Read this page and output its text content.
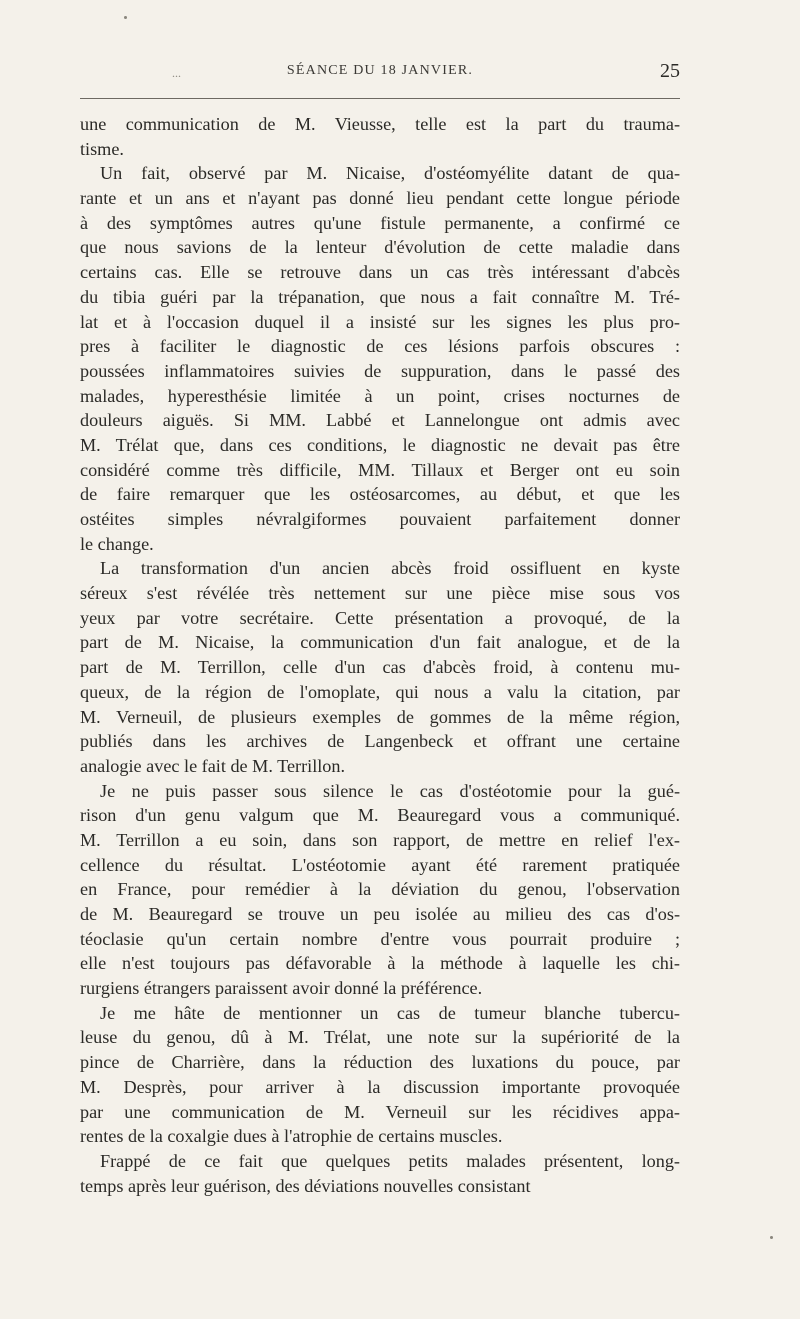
...	SÉANCE DU 18 JANVIER.	25
une communication de M. Vieusse, telle est la part du trauma-
tisme.
Un fait, observé par M. Nicaise, d'ostéomyélite datant de qua-
rante et un ans et n'ayant pas donné lieu pendant cette longue période
à des symptômes autres qu'une fistule permanente, a confirmé ce
que nous savions de la lenteur d'évolution de cette maladie dans
certains cas. Elle se retrouve dans un cas très intéressant d'abcès
du tibia guéri par la trépanation, que nous a fait connaître M. Tré-
lat et à l'occasion duquel il a insisté sur les signes les plus pro-
pres à faciliter le diagnostic de ces lésions parfois obscures :
poussées inflammatoires suivies de suppuration, dans le passé des
malades, hyperesthésie limitée à un point, crises nocturnes de
douleurs aiguës. Si MM. Labbé et Lannelongue ont admis avec
M. Trélat que, dans ces conditions, le diagnostic ne devait pas être
considéré comme très difficile, MM. Tillaux et Berger ont eu soin
de faire remarquer que les ostéosarcomes, au début, et que les
ostéites simples névralgiformes pouvaient parfaitement donner
le change.
La transformation d'un ancien abcès froid ossifluent en kyste
séreux s'est révélée très nettement sur une pièce mise sous vos
yeux par votre secrétaire. Cette présentation a provoqué, de la
part de M. Nicaise, la communication d'un fait analogue, et de la
part de M. Terrillon, celle d'un cas d'abcès froid, à contenu mu-
queux, de la région de l'omoplate, qui nous a valu la citation, par
M. Verneuil, de plusieurs exemples de gommes de la même région,
publiés dans les archives de Langenbeck et offrant une certaine
analogie avec le fait de M. Terrillon.
Je ne puis passer sous silence le cas d'ostéotomie pour la gué-
rison d'un genu valgum que M. Beauregard vous a communiqué.
M. Terrillon a eu soin, dans son rapport, de mettre en relief l'ex-
cellence du résultat. L'ostéotomie ayant été rarement pratiquée
en France, pour remédier à la déviation du genou, l'observation
de M. Beauregard se trouve un peu isolée au milieu des cas d'os-
téoclasie qu'un certain nombre d'entre vous pourrait produire ;
elle n'est toujours pas défavorable à la méthode à laquelle les chi-
rurgiens étrangers paraissent avoir donné la préférence.
Je me hâte de mentionner un cas de tumeur blanche tubercu-
leuse du genou, dû à M. Trélat, une note sur la supériorité de la
pince de Charrière, dans la réduction des luxations du pouce, par
M. Desprès, pour arriver à la discussion importante provoquée
par une communication de M. Verneuil sur les récidives appa-
rentes de la coxalgie dues à l'atrophie de certains muscles.
Frappé de ce fait que quelques petits malades présentent, long-
temps après leur guérison, des déviations nouvelles consistant
